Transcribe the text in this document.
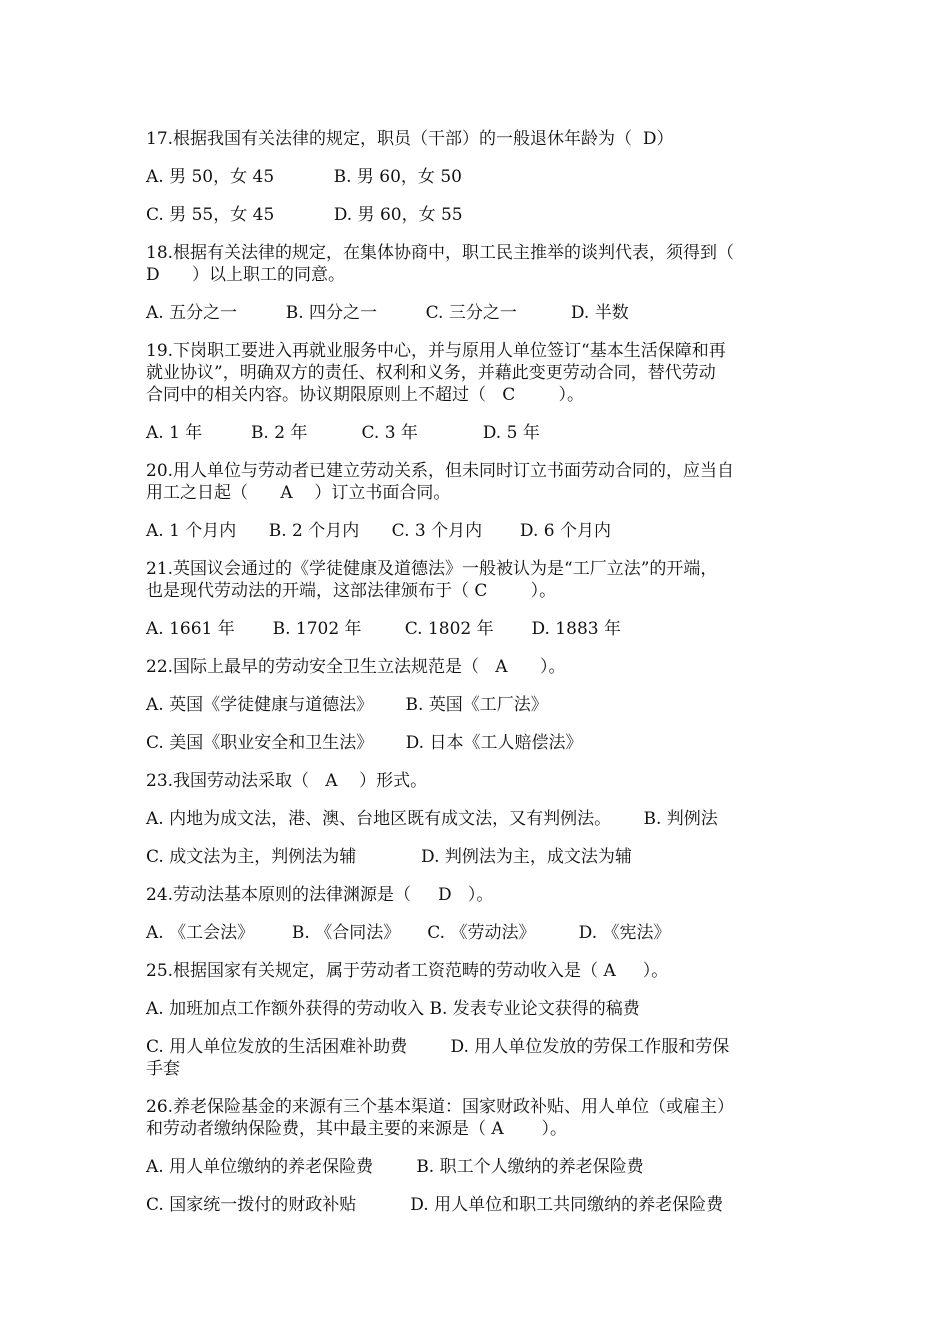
17.根据我国有关法律的规定，职员（干部）的一般退休年龄为（  D）
A. 男 50，女 45           B. 男 60，女 50
C. 男 55，女 45           D. 男 60，女 55
18.根据有关法律的规定，在集体协商中，职工民主推举的谈判代表，须得到（
D      ）以上职工的同意。
A. 五分之一         B. 四分之一         C. 三分之一          D. 半数
19.下岗职工要进入再就业服务中心，并与原用人单位签订“基本生活保障和再
就业协议”，明确双方的责任、权利和义务，并藉此变更劳动合同，替代劳动
合同中的相关内容。协议期限原则上不超过（   C        ）。
A. 1 年         B. 2 年          C. 3 年            D. 5 年
20.用人单位与劳动者已建立劳动关系，但未同时订立书面劳动合同的，应当自
用工之日起（      A    ）订立书面合同。
A. 1 个月内      B. 2 个月内      C. 3 个月内       D. 6 个月内
21.英国议会通过的《学徒健康及道德法》一般被认为是“工厂立法”的开端，
也是现代劳动法的开端，这部法律颁布于（ C        ）。
A. 1661 年       B. 1702 年        C. 1802 年       D. 1883 年
22.国际上最早的劳动安全卫生立法规范是（   A      ）。
A. 英国《学徒健康与道德法》      B. 英国《工厂法》
C. 美国《职业安全和卫生法》      D. 日本《工人赔偿法》
23.我国劳动法采取（   A    ）形式。
A. 内地为成文法，港、澳、台地区既有成文法，又有判例法。      B. 判例法
C. 成文法为主，判例法为辅            D. 判例法为主，成文法为辅
24.劳动法基本原则的法律渊源是（     D   ）。
A. 《工会法》       B. 《合同法》     C. 《劳动法》        D. 《宪法》
25.根据国家有关规定，属于劳动者工资范畴的劳动收入是（ A     ）。
A. 加班加点工作额外获得的劳动收入 B. 发表专业论文获得的稿费
C. 用人单位发放的生活困难补助费        D. 用人单位发放的劳保工作服和劳保
手套
26.养老保险基金的来源有三个基本渠道：国家财政补贴、用人单位（或雇主）
和劳动者缴纳保险费，其中最主要的来源是（ A       ）。
A. 用人单位缴纳的养老保险费        B. 职工个人缴纳的养老保险费
C. 国家统一拨付的财政补贴          D. 用人单位和职工共同缴纳的养老保险费
